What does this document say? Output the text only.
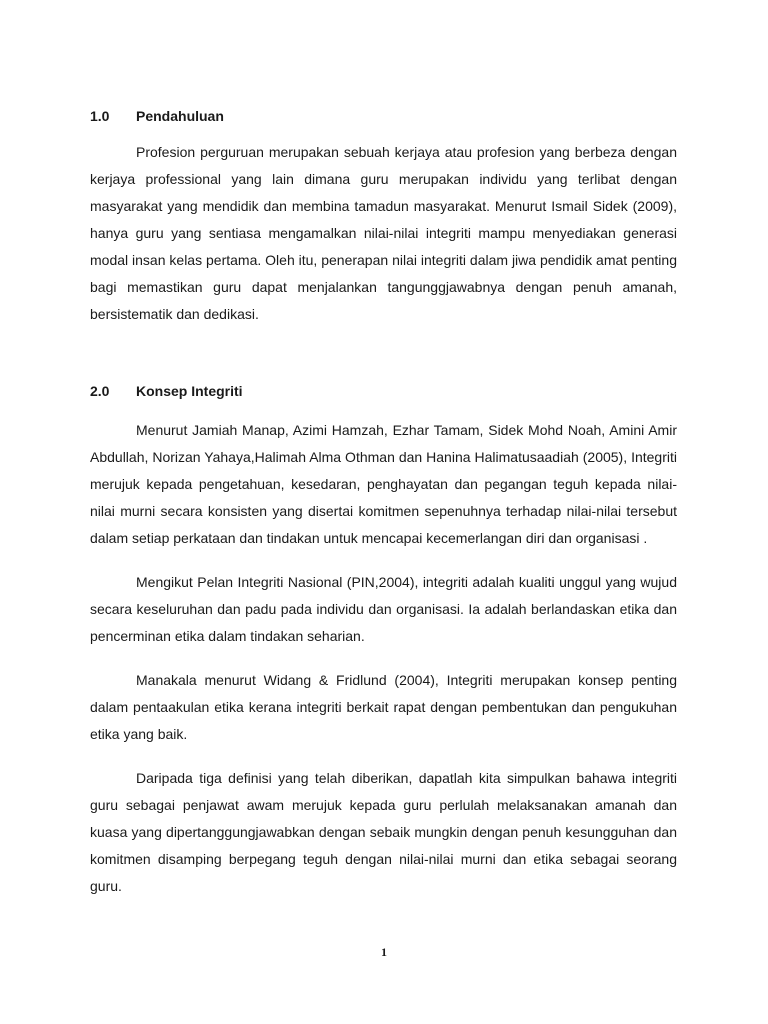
1.0	Pendahuluan

Profesion perguruan merupakan sebuah kerjaya atau profesion yang berbeza dengan kerjaya professional yang lain dimana guru merupakan individu yang terlibat dengan masyarakat yang mendidik dan membina tamadun masyarakat. Menurut Ismail Sidek (2009), hanya guru yang sentiasa mengamalkan nilai-nilai integriti mampu menyediakan generasi modal insan kelas pertama. Oleh itu, penerapan nilai integriti dalam jiwa pendidik amat penting bagi memastikan guru dapat menjalankan tangunggjawabnya dengan penuh amanah, bersistematik dan dedikasi.

2.0	Konsep Integriti

Menurut Jamiah Manap, Azimi Hamzah, Ezhar Tamam, Sidek Mohd Noah, Amini Amir Abdullah, Norizan Yahaya,Halimah Alma Othman dan Hanina Halimatusaadiah (2005), Integriti merujuk kepada pengetahuan, kesedaran, penghayatan dan pegangan teguh kepada nilai-nilai murni secara konsisten yang disertai komitmen sepenuhnya terhadap nilai-nilai tersebut dalam setiap perkataan dan tindakan untuk mencapai kecemerlangan diri dan organisasi .

Mengikut Pelan Integriti Nasional (PIN,2004), integriti adalah kualiti unggul yang wujud secara keseluruhan dan padu pada individu dan organisasi. Ia adalah berlandaskan etika dan pencerminan etika dalam tindakan seharian.

Manakala menurut Widang & Fridlund (2004), Integriti merupakan konsep penting dalam pentaakulan etika kerana integriti berkait rapat dengan pembentukan dan pengukuhan etika yang baik.

Daripada tiga definisi yang telah diberikan, dapatlah kita simpulkan bahawa integriti guru sebagai penjawat awam merujuk kepada guru perlulah melaksanakan amanah dan kuasa yang dipertanggungjawabkan dengan sebaik mungkin dengan penuh kesungguhan dan komitmen disamping berpegang teguh dengan nilai-nilai murni dan etika sebagai seorang guru.

1
